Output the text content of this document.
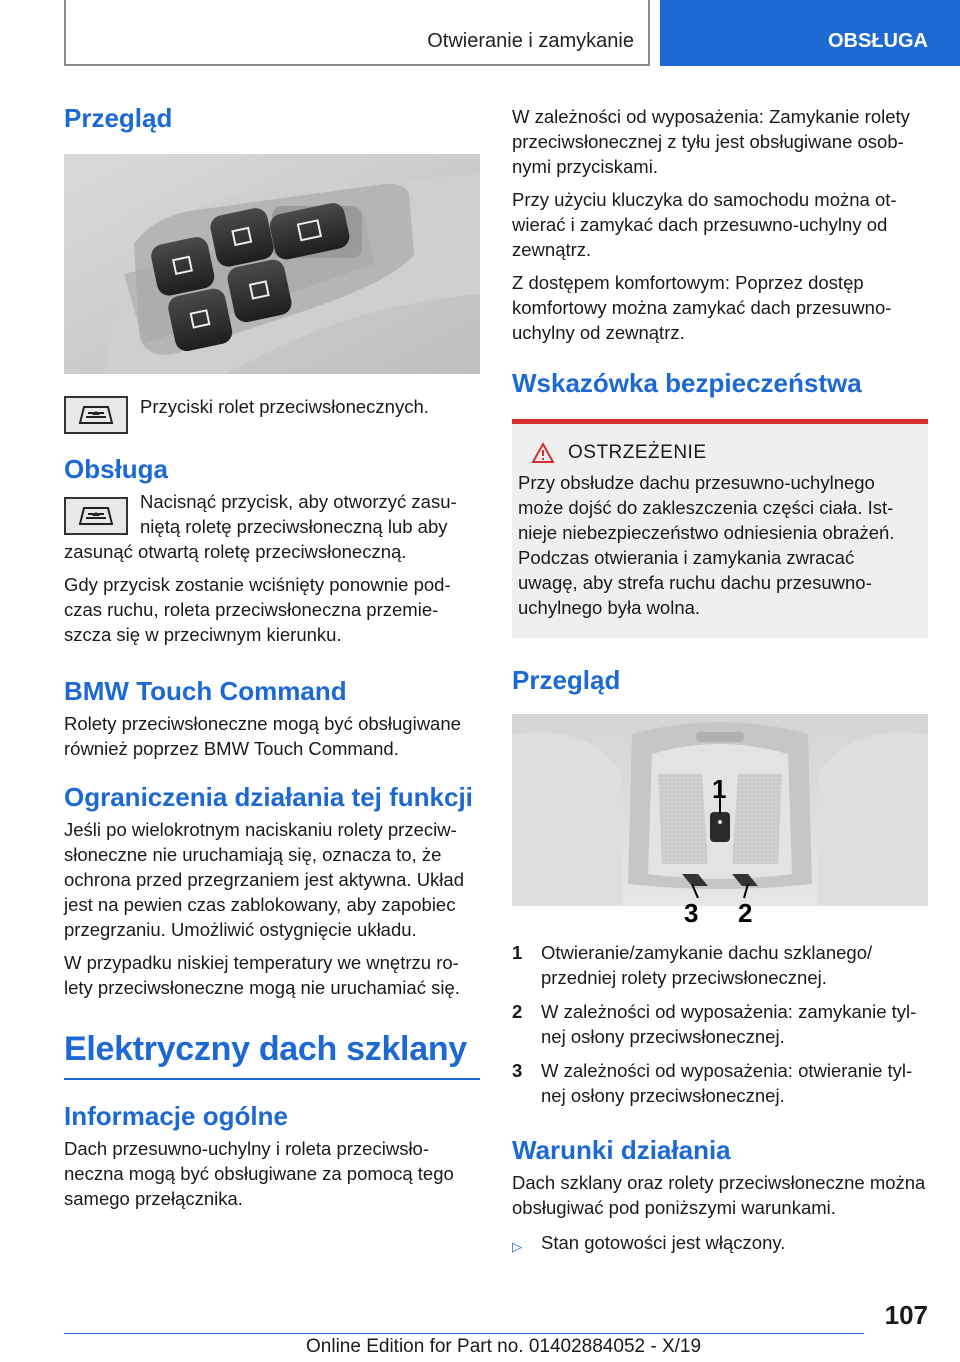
Otwieranie i zamykanie	OBSŁUGA
Przegląd

Przyciski rolet przeciwsłonecznych.

Obsługa

Nacisnąć przycisk, aby otworzyć zasu-niętą roletę przeciwsłoneczną lub aby zasunąć otwartą roletę przeciwsłoneczną.

Gdy przycisk zostanie wciśnięty ponownie pod-czas ruchu, roleta przeciwsłoneczna przemie-szcza się w przeciwnym kierunku.

BMW Touch Command

Rolety przeciwsłoneczne mogą być obsługiwane również poprzez BMW Touch Command.

Ograniczenia działania tej funkcji

Jeśli po wielokrotnym naciskaniu rolety przeciw-słoneczne nie uruchamiają się, oznacza to, że ochrona przed przegrzaniem jest aktywna. Układ jest na pewien czas zablokowany, aby zapobiec przegrzaniu. Umożliwić ostygnięcie układu.

W przypadku niskiej temperatury we wnętrzu ro-lety przeciwsłoneczne mogą nie uruchamiać się.

Elektryczny dach szklany
Informacje ogólne

Dach przesuwno-uchylny i roleta przeciwsło-neczna mogą być obsługiwane za pomocą tego samego przełącznika.

W zależności od wyposażenia: Zamykanie rolety przeciwsłonecznej z tyłu jest obsługiwane osob-nymi przyciskami.

Przy użyciu kluczyka do samochodu można ot-wierać i zamykać dach przesuwno-uchylny od zewnątrz.

Z dostępem komfortowym: Poprzez dostęp komfortowy można zamykać dach przesuwno-uchylny od zewnątrz.

Wskazówka bezpieczeństwa
OSTRZEŻENIE

Przy obsłudze dachu przesuwno-uchylnego może dojść do zakleszczenia części ciała. Ist-nieje niebezpieczeństwo odniesienia obrażeń. Podczas otwierania i zamykania zwracać uwagę, aby strefa ruchu dachu przesuwno-uchylnego była wolna.

Przegląd
1
3 2
1	Otwieranie/zamykanie dachu szklanego/ przedniej rolety przeciwsłonecznej.
2	W zależności od wyposażenia: zamykanie tyl-nej osłony przeciwsłonecznej.
3	W zależności od wyposażenia: otwieranie tyl-nej osłony przeciwsłonecznej.
Warunki działania

Dach szklany oraz rolety przeciwsłoneczne można obsługiwać pod poniższymi warunkami.

▷	Stan gotowości jest włączony.
107
Online Edition for Part no. 01402884052 - X/19
